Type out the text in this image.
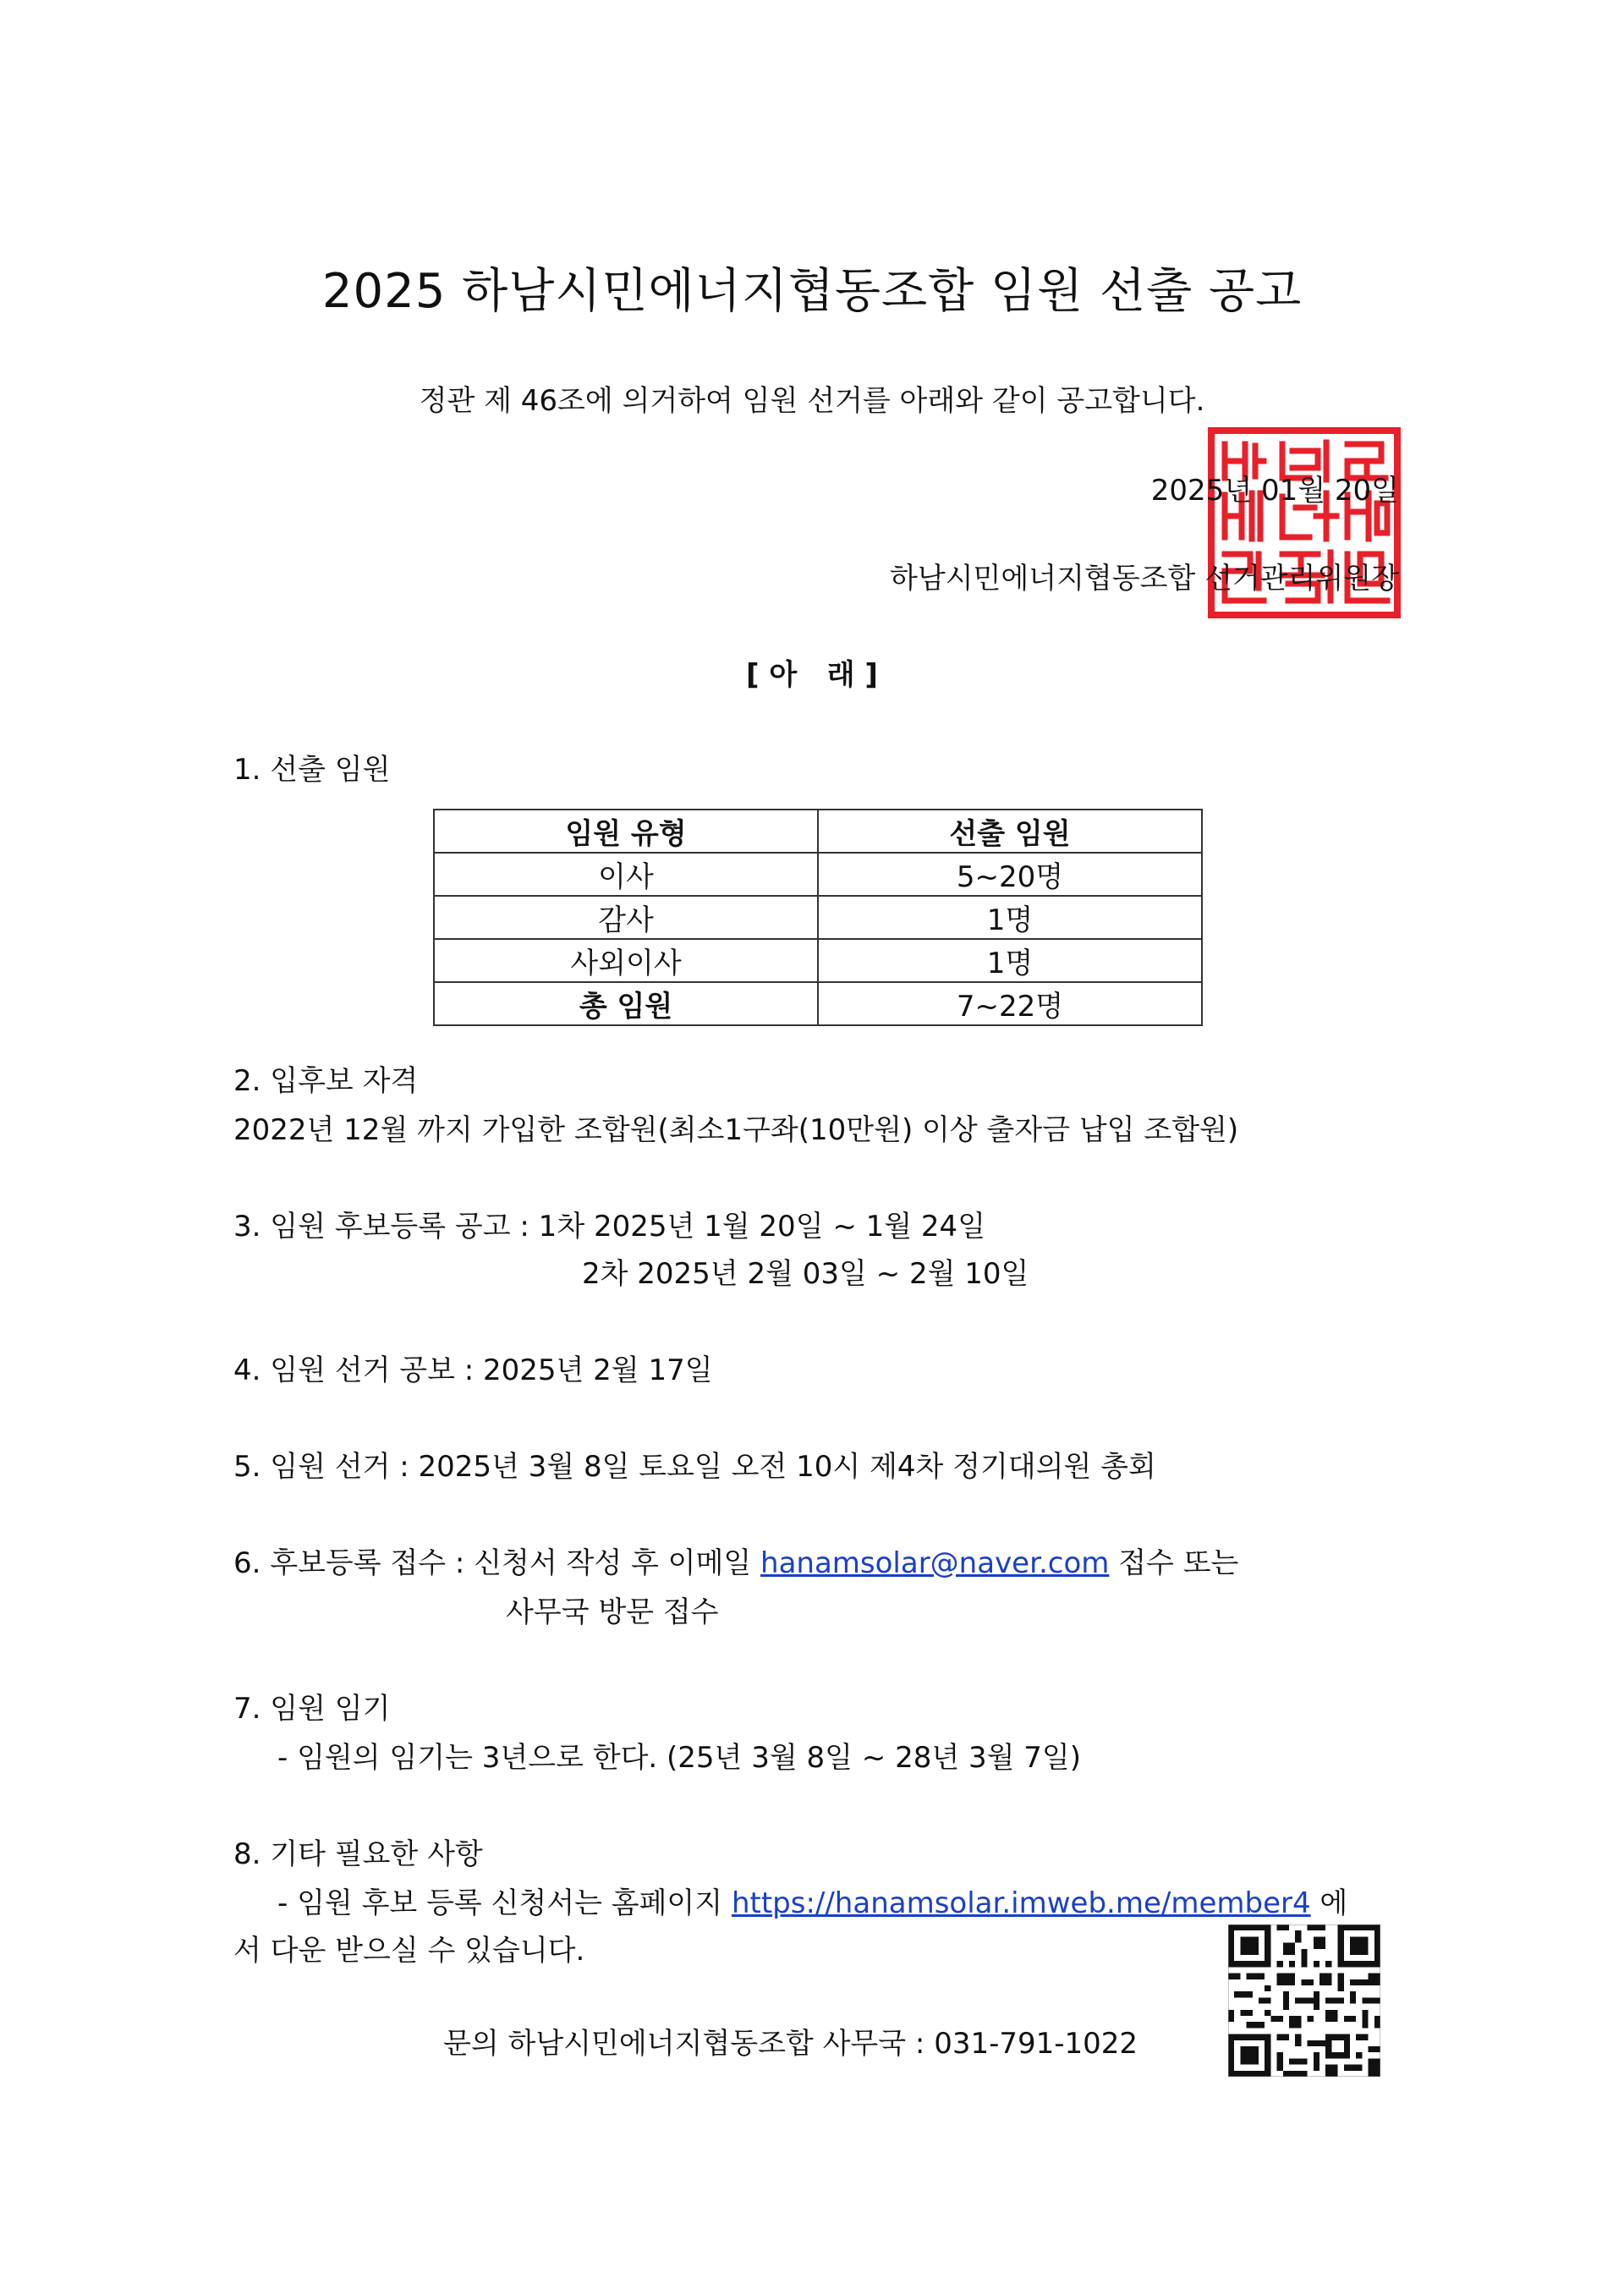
2025 하남시민에너지협동조합 임원 선출 공고
정관 제 46조에 의거하여 임원 선거를 아래와 같이 공고합니다.
2025년 01월 20일
하남시민에너지협동조합 선거관리위원장
[ 아   래 ]
1. 선출 임원
임원 유형	선출 임원
이사	5~20명
감사	1명
사외이사	1명
총 임원	7~22명
2. 입후보 자격
2022년 12월 까지 가입한 조합원(최소1구좌(10만원) 이상 출자금 납입 조합원)
3. 임원 후보등록 공고 : 1차 2025년 1월 20일 ~ 1월 24일
2차 2025년 2월 03일 ~ 2월 10일
4. 임원 선거 공보 : 2025년 2월 17일
5. 임원 선거 : 2025년 3월 8일 토요일 오전 10시 제4차 정기대의원 총회
6. 후보등록 접수 : 신청서 작성 후 이메일 hanamsolar@naver.com 접수 또는
사무국 방문 접수
7. 임원 임기
- 임원의 임기는 3년으로 한다. (25년 3월 8일 ~ 28년 3월 7일)
8. 기타 필요한 사항
- 임원 후보 등록 신청서는 홈페이지 https://hanamsolar.imweb.me/member4 에
서 다운 받으실 수 있습니다.
문의 하남시민에너지협동조합 사무국 : 031-791-1022
